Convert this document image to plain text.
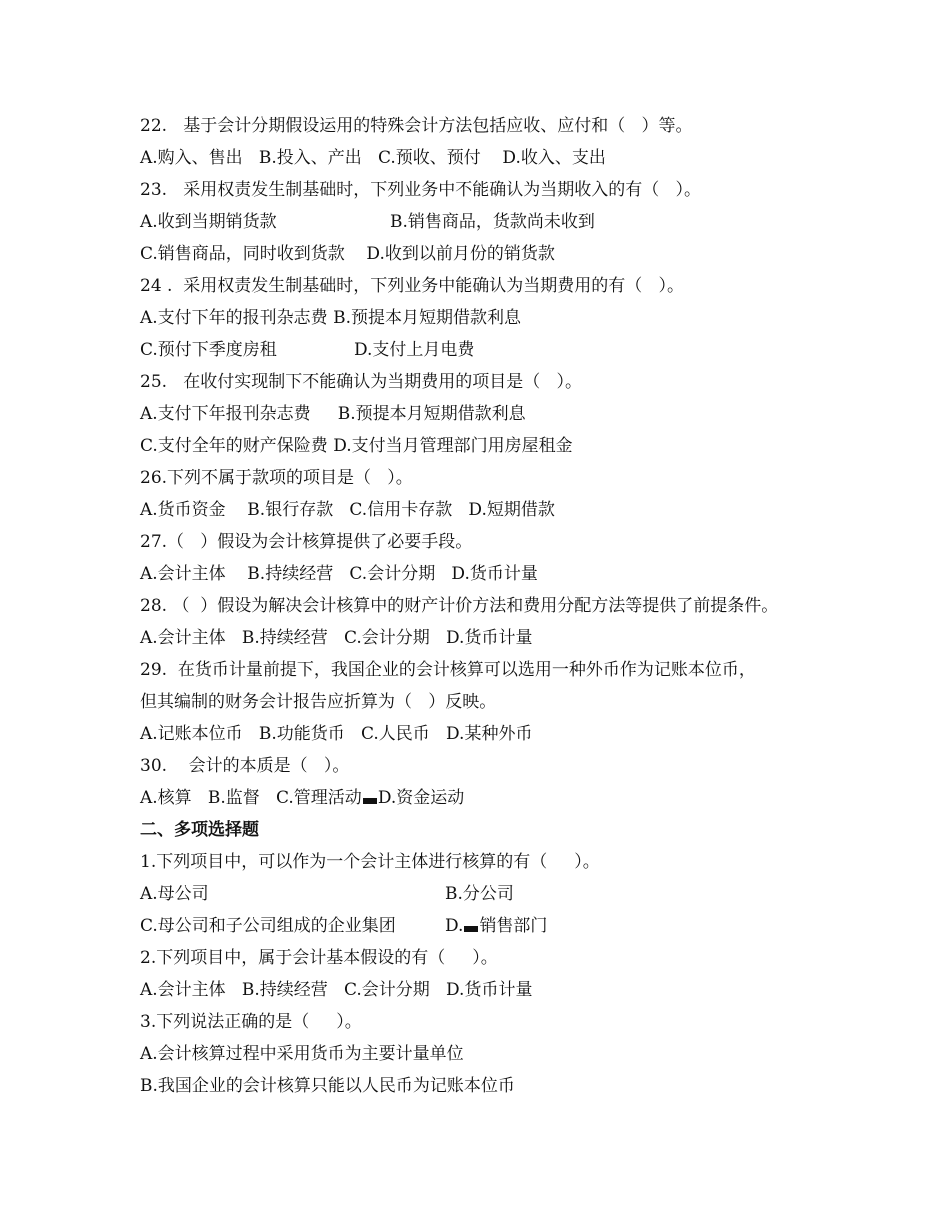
22.   基于会计分期假设运用的特殊会计方法包括应收、应付和（   ）等。
A.购入、售出   B.投入、产出   C.预收、预付    D.收入、支出
23.   采用权责发生制基础时，下列业务中不能确认为当期收入的有（   ）。
A.收到当期销货款	B.销售商品，货款尚未收到
C.销售商品，同时收到货款    D.收到以前月份的销货款
24 .  采用权责发生制基础时，下列业务中能确认为当期费用的有（   ）。
A.支付下年的报刊杂志费 B.预提本月短期借款利息
C.预付下季度房租	D.支付上月电费
25.   在收付实现制下不能确认为当期费用的项目是（   ）。
A.支付下年报刊杂志费     B.预提本月短期借款利息
C.支付全年的财产保险费 D.支付当月管理部门用房屋租金
26.下列不属于款项的项目是（   ）。
A.货币资金    B.银行存款   C.信用卡存款   D.短期借款
27.（   ）假设为会计核算提供了必要手段。
A.会计主体    B.持续经营   C.会计分期   D.货币计量
28. （  ）假设为解决会计核算中的财产计价方法和费用分配方法等提供了前提条件。
A.会计主体   B.持续经营   C.会计分期   D.货币计量
29.  在货币计量前提下，我国企业的会计核算可以选用一种外币作为记账本位币，
但其编制的财务会计报告应折算为（   ）反映。
A.记账本位币   B.功能货币   C.人民币   D.某种外币
30.    会计的本质是（   ）。
A.核算   B.监督   C.管理活动 D.资金运动
二、多项选择题
1.下列项目中，可以作为一个会计主体进行核算的有（     ）。
A.母公司	B.分公司
C.母公司和子公司组成的企业集团	D. 销售部门
2.下列项目中，属于会计基本假设的有（     ）。
A.会计主体   B.持续经营   C.会计分期   D.货币计量
3.下列说法正确的是（     ）。
A.会计核算过程中采用货币为主要计量单位
B.我国企业的会计核算只能以人民币为记账本位币
